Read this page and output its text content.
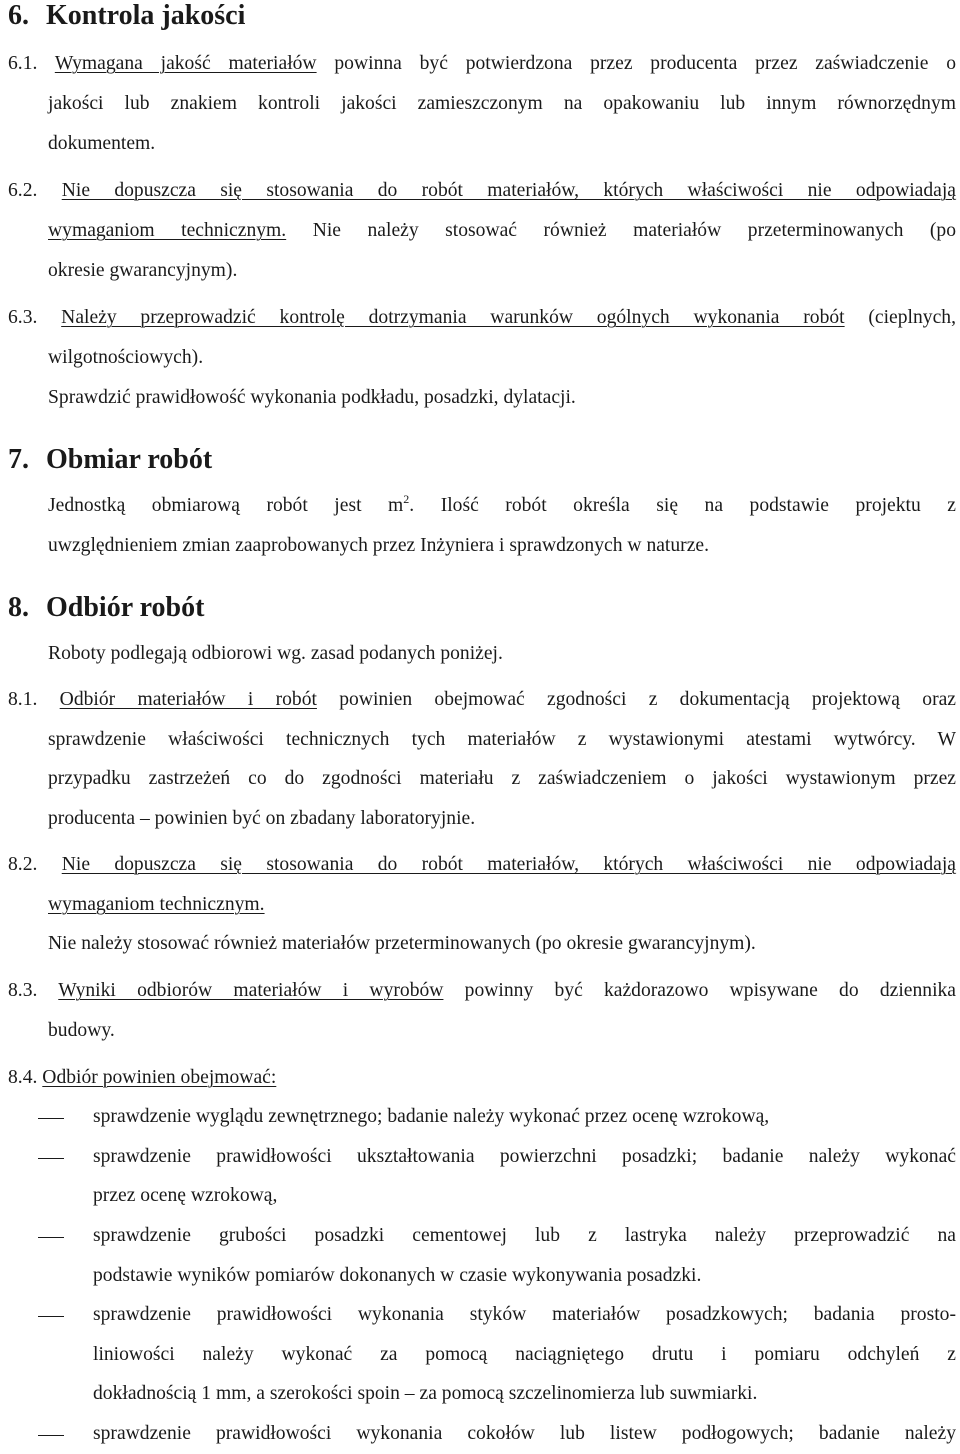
6. Kontrola jakości

6.1. Wymagana jakość materiałów powinna być potwierdzona przez producenta przez zaświadczenie o

jakości lub znakiem kontroli jakości zamieszczonym na opakowaniu lub innym równorzędnym

dokumentem.

6.2. Nie dopuszcza się stosowania do robót materiałów, których właściwości nie odpowiadają

wymaganiom technicznym. Nie należy stosować również materiałów przeterminowanych (po

okresie gwarancyjnym).

6.3. Należy przeprowadzić kontrolę dotrzymania warunków ogólnych wykonania robót (cieplnych,

wilgotnościowych).

Sprawdzić prawidłowość wykonania podkładu, posadzki, dylatacji.

7. Obmiar robót

Jednostką obmiarową robót jest $m^2$. Ilość robót określa się na podstawie projektu z

uwzględnieniem zmian zaaprobowanych przez Inżyniera i sprawdzonych w naturze.

8. Odbiór robót

Roboty podlegają odbiorowi wg. zasad podanych poniżej.

8.1. Odbiór materiałów i robót powinien obejmować zgodności z dokumentacją projektową oraz

sprawdzenie właściwości technicznych tych materiałów z wystawionymi atestami wytwórcy. W

przypadku zastrzeżeń co do zgodności materiału z zaświadczeniem o jakości wystawionym przez

producenta – powinien być on zbadany laboratoryjnie.

8.2. Nie dopuszcza się stosowania do robót materiałów, których właściwości nie odpowiadają

wymaganiom technicznym.

Nie należy stosować również materiałów przeterminowanych (po okresie gwarancyjnym).

8.3. Wyniki odbiorów materiałów i wyrobów powinny być każdorazowo wpisywane do dziennika

budowy.

8.4. Odbiór powinien obejmować:

sprawdzenie wyglądu zewnętrznego; badanie należy wykonać przez ocenę wzrokową,

sprawdzenie prawidłowości ukształtowania powierzchni posadzki; badanie należy wykonać

przez ocenę wzrokową,

sprawdzenie grubości posadzki cementowej lub z lastryka należy przeprowadzić na

podstawie wyników pomiarów dokonanych w czasie wykonywania posadzki.

sprawdzenie prawidłowości wykonania styków materiałów posadzkowych; badania prosto-

liniowości należy wykonać za pomocą naciągniętego drutu i pomiaru odchyleń z

dokładnością 1 mm, a szerokości spoin – za pomocą szczelinomierza lub suwmiarki.

sprawdzenie prawidłowości wykonania cokołów lub listew podłogowych; badanie należy
